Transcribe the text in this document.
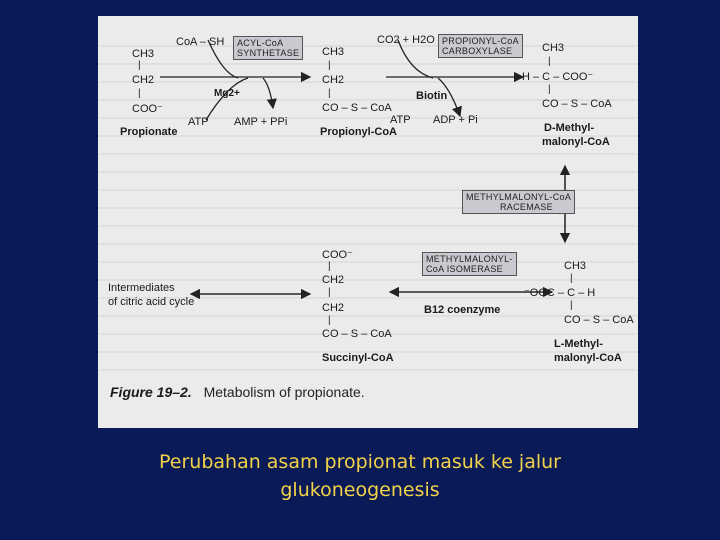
CH3
|
CH2
|
COO⁻
Propionate
CoA – SH ACYL-CoA
SYNTHETASE
Mg2+
ATP AMP + PPi
CH3
|
CH2
|
CO – S – CoA
Propionyl-CoA
CO2 + H2O PROPIONYL-CoA
CARBOXYLASE
Biotin
ATP ADP + Pi
CH3
|
H – C – COO⁻
|
CO – S – CoA
D-Methyl-
malonyl-CoA
METHYLMALONYL-CoA
RACEMASE
CH3
|
⁻OOC – C – H
|
CO – S – CoA
L-Methyl-
malonyl-CoA
METHYLMALONYL-
CoA ISOMERASE
B12 coenzyme
COO⁻
|
CH2
|
CH2
|
CO – S – CoA
Succinyl-CoA
Intermediates
of citric acid cycle
Figure 19–2. Metabolism of propionate.
Perubahan asam propionat masuk ke jalur
glukoneogenesis
